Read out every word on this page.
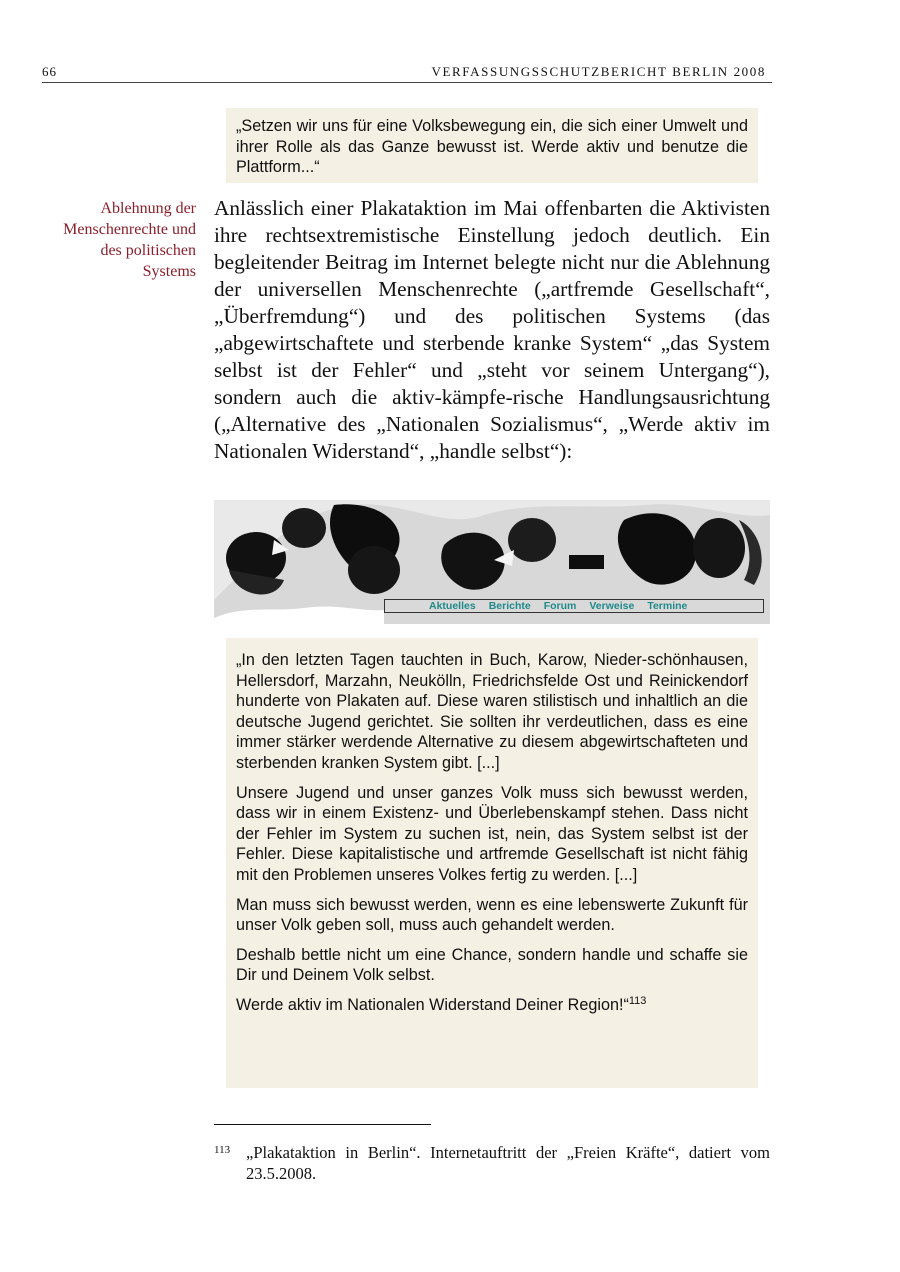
66	VERFASSUNGSSCHUTZBERICHT BERLIN 2008

„Setzen wir uns für eine Volksbewegung ein, die sich einer Umwelt und ihrer Rolle als das Ganze bewusst ist. Werde aktiv und benutze die Plattform...“

Ablehnung der
Menschenrechte und
des politischen
Systems

Anlässlich einer Plakataktion im Mai offenbarten die Aktivisten ihre rechtsextremistische Einstellung jedoch deutlich. Ein begleitender Beitrag im Internet belegte nicht nur die Ablehnung der universellen Menschenrechte („artfremde Gesellschaft“, „Überfremdung“) und des politischen Systems (das „abgewirtschaftete und sterbende kranke System“ „das System selbst ist der Fehler“ und „steht vor seinem Untergang“), sondern auch die aktiv-kämpfe-rische Handlungsausrichtung („Alternative des „Nationalen Sozialismus“, „Werde aktiv im Nationalen Widerstand“, „handle selbst“):

Aktuelles Berichte Forum Verweise Termine

„In den letzten Tagen tauchten in Buch, Karow, Nieder-schönhausen, Hellersdorf, Marzahn, Neukölln, Friedrichsfelde Ost und Reinickendorf hunderte von Plakaten auf. Diese waren stilistisch und inhaltlich an die deutsche Jugend gerichtet. Sie sollten ihr verdeutlichen, dass es eine immer stärker werdende Alternative zu diesem abgewirtschafteten und sterbenden kranken System gibt. [...]

Unsere Jugend und unser ganzes Volk muss sich bewusst werden, dass wir in einem Existenz- und Überlebenskampf stehen. Dass nicht der Fehler im System zu suchen ist, nein, das System selbst ist der Fehler. Diese kapitalistische und artfremde Gesellschaft ist nicht fähig mit den Problemen unseres Volkes fertig zu werden. [...]

Man muss sich bewusst werden, wenn es eine lebenswerte Zukunft für unser Volk geben soll, muss auch gehandelt werden.

Deshalb bettle nicht um eine Chance, sondern handle und schaffe sie Dir und Deinem Volk selbst.

Werde aktiv im Nationalen Widerstand Deiner Region!“$^{113}$

113 „Plakataktion in Berlin“. Internetauftritt der „Freien Kräfte“, datiert vom 23.5.2008.
